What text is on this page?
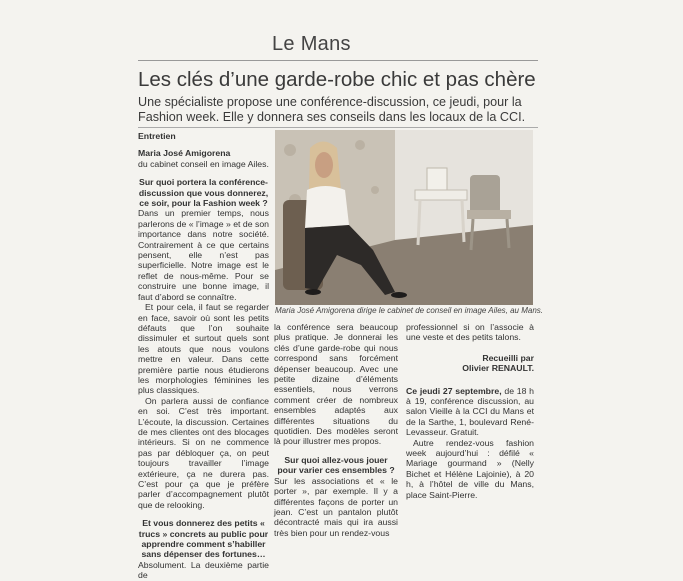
Le Mans
Les clés d’une garde-robe chic et pas chère
Une spécialiste propose une conférence-discussion, ce jeudi, pour la Fashion week. Elle y donnera ses conseils dans les locaux de la CCI.

Entretien

Maria José Amigorena

du cabinet conseil en image Ailes.

Sur quoi portera la conférence-discussion que vous donnerez, ce soir, pour la Fashion week ?

Dans un premier temps, nous parlerons de « l’image » et de son importance dans notre société. Contrairement à ce que certains pensent, elle n’est pas superficielle. Notre image est le reflet de nous-même. Pour se construire une bonne image, il faut d’abord se connaître.

Et pour cela, il faut se regarder en face, savoir où sont les petits défauts que l’on souhaite dissimuler et surtout quels sont les atouts que nous voulons mettre en valeur. Dans cette première partie nous étudierons les morphologies féminines les plus classiques.

On parlera aussi de confiance en soi. C’est très important. L’écoute, la discussion. Certaines de mes clientes ont des blocages intérieurs. Si on ne commence pas par débloquer ça, on peut toujours travailler l’image extérieure, ça ne durera pas. C’est pour ça que je préfère parler d’accompagnement plutôt que de relooking.

Et vous donnerez des petits « trucs » concrets au public pour apprendre comment s’habiller sans dépenser des fortunes…

Absolument. La deuxième partie de

Maria José Amigorena dirige le cabinet de conseil en image Ailes, au Mans.

la conférence sera beaucoup plus pratique. Je donnerai les clés d’une garde-robe qui nous correspond sans forcément dépenser beaucoup. Avec une petite dizaine d’éléments essentiels, nous verrons comment créer de nombreux ensembles adaptés aux différentes situations du quotidien. Des modèles seront là pour illustrer mes propos.

Sur quoi allez-vous jouer pour varier ces ensembles ?

Sur les associations et « le porter », par exemple. Il y a différentes façons de porter un jean. C’est un pantalon plutôt décontracté mais qui ira aussi très bien pour un rendez-vous

professionnel si on l’associe à une veste et des petits talons.

Recueilli par

Olivier RENAULT.

Ce jeudi 27 septembre, de 18 h à 19, conférence discussion, au salon Vieille à la CCI du Mans et de la Sarthe, 1, boulevard René-Levasseur. Gratuit.

Autre rendez-vous fashion week aujourd’hui : défilé « Mariage gourmand » (Nelly Bichet et Hélène Lajoinie), à 20 h, à l’hôtel de ville du Mans, place Saint-Pierre.
